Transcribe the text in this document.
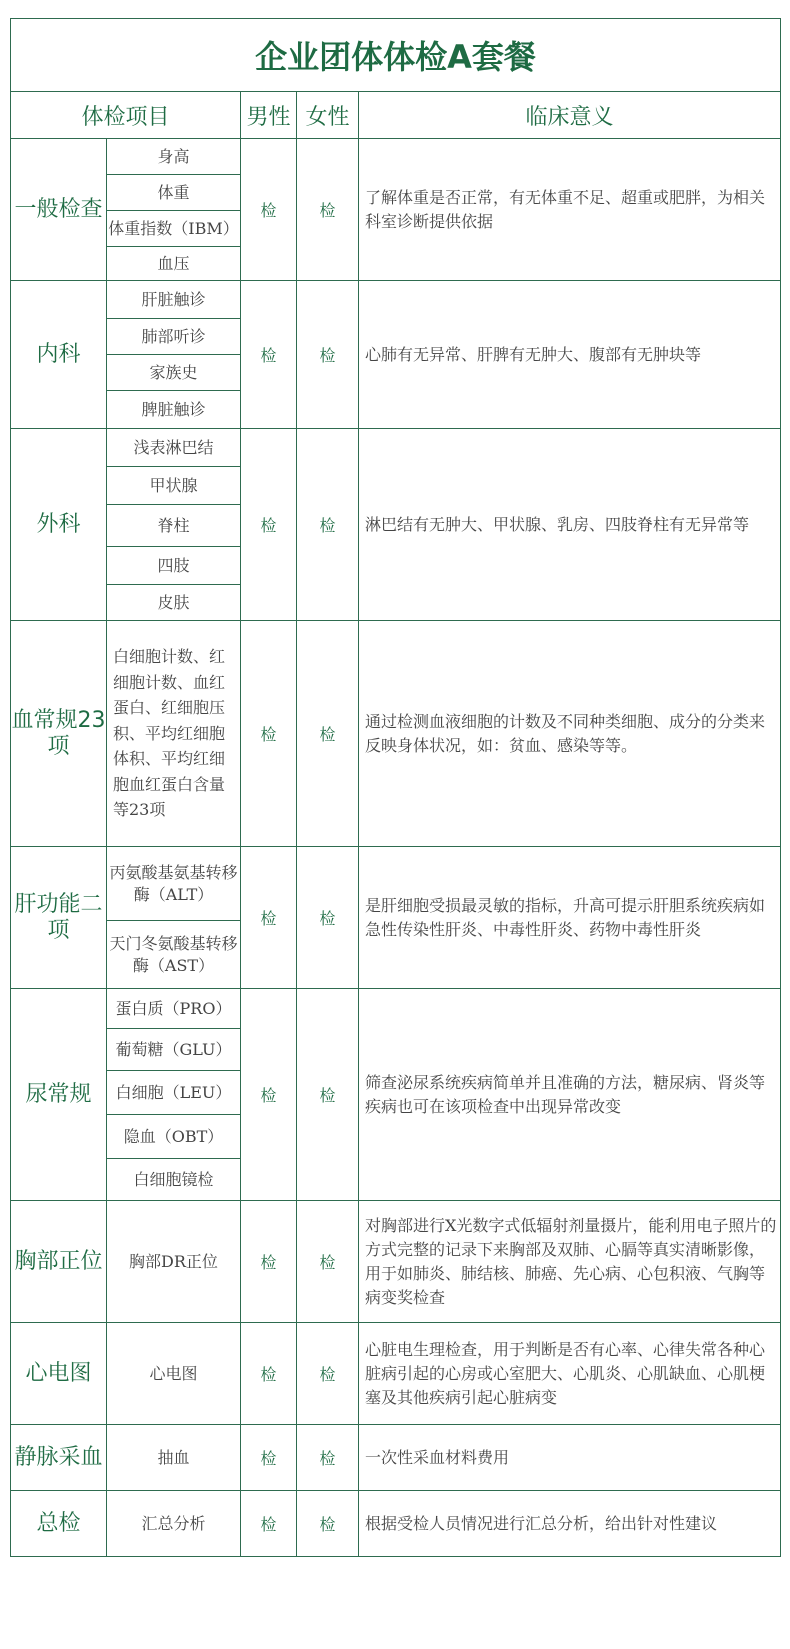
企业团体体检A套餐				
体检项目		男性	女性	临床意义
一般检查	身高	检	检	了解体重是否正常，有无体重不足、超重或肥胖，为相关科室诊断提供依据
	体重			
	体重指数（IBM）			
	血压			
内科	肝脏触诊	检	检	心肺有无异常、肝脾有无肿大、腹部有无肿块等
	肺部听诊			
	家族史			
	脾脏触诊			
外科	浅表淋巴结	检	检	淋巴结有无肿大、甲状腺、乳房、四肢脊柱有无异常等
	甲状腺			
	脊柱			
	四肢			
	皮肤			
血常规23项	白细胞计数、红细胞计数、血红蛋白、红细胞压积、平均红细胞体积、平均红细胞血红蛋白含量等23项	检	检	通过检测血液细胞的计数及不同种类细胞、成分的分类来反映身体状况，如：贫血、感染等等。
肝功能二项	丙氨酸基氨基转移酶（ALT）	检	检	是肝细胞受损最灵敏的指标，升高可提示肝胆系统疾病如急性传染性肝炎、中毒性肝炎、药物中毒性肝炎
	天门冬氨酸基转移酶（AST）			
尿常规	蛋白质（PRO）	检	检	筛查泌尿系统疾病简单并且准确的方法，糖尿病、肾炎等疾病也可在该项检查中出现异常改变
	葡萄糖（GLU）			
	白细胞（LEU）			
	隐血（OBT）			
	白细胞镜检			
胸部正位	胸部DR正位	检	检	对胸部进行X光数字式低辐射剂量摄片，能利用电子照片的方式完整的记录下来胸部及双肺、心膈等真实清晰影像，用于如肺炎、肺结核、肺癌、先心病、心包积液、气胸等病变奖检查
心电图	心电图	检	检	心脏电生理检查，用于判断是否有心率、心律失常各种心脏病引起的心房或心室肥大、心肌炎、心肌缺血、心肌梗塞及其他疾病引起心脏病变
静脉采血	抽血	检	检	一次性采血材料费用
总检	汇总分析	检	检	根据受检人员情况进行汇总分析，给出针对性建议
